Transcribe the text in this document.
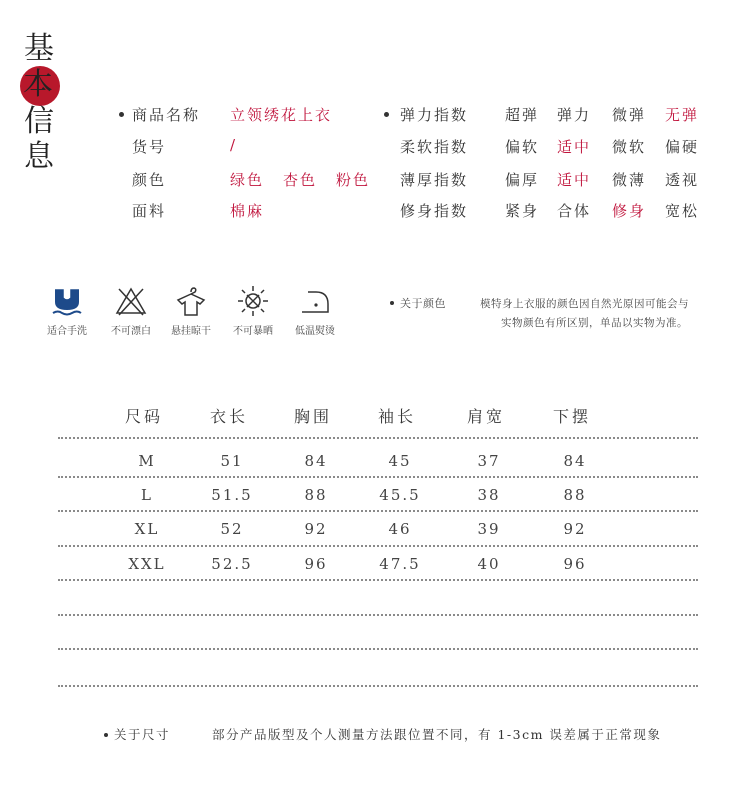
基
本
信
息
商品名称 立领绣花上衣
货号	/
颜色	绿色 杏色 粉色
面料	棉麻
弹力指数 超弹 弹力 微弹 无弹
柔软指数 偏软 适中 微软 偏硬
薄厚指数 偏厚 适中 微薄 透视
修身指数 紧身 合体 修身 宽松
适合手洗	不可漂白	悬挂晾干	不可暴晒	低温熨烫
关于颜色	模特身上衣服的颜色因自然光原因可能会与
实物颜色有所区别，单品以实物为准。
尺码	衣长	胸围	袖长	肩宽	下摆
M	51	84	45	37	84
L	51.5	88	45.5	38	88
XL	52	92	46	39	92
XXL	52.5	96	47.5	40	96
关于尺寸	部分产品版型及个人测量方法跟位置不同，有 1-3cm 误差属于正常现象
